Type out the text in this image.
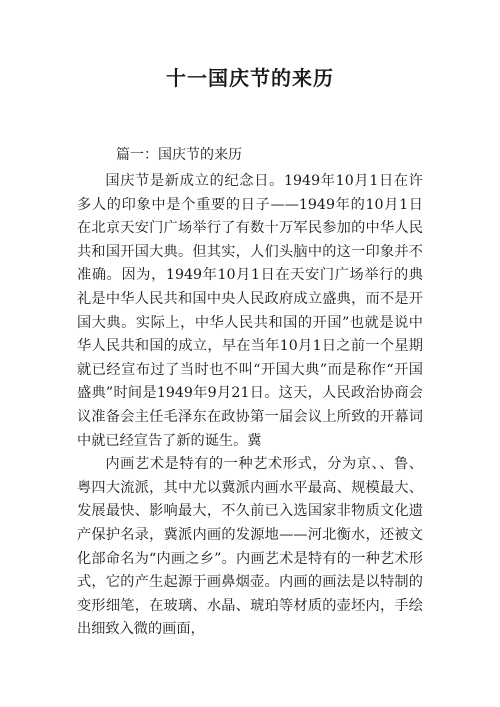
十一国庆节的来历
篇一：国庆节的来历

国庆节是新成立的纪念日。1949年10月1日在许多人的印象中是个重要的日子——1949年的10月1日在北京天安门广场举行了有数十万军民参加的中华人民共和国开国大典。但其实，人们头脑中的这一印象并不准确。因为，1949年10月1日在天安门广场举行的典礼是中华人民共和国中央人民政府成立盛典，而不是开国大典。实际上，中华人民共和国的开国”也就是说中华人民共和国的成立，早在当年10月1日之前一个星期就已经宣布过了当时也不叫“开国大典”而是称作“开国盛典”时间是1949年9月21日。这天，人民政治协商会议准备会主任毛泽东在政协第一届会议上所致的开幕词中就已经宣告了新的诞生。冀

内画艺术是特有的一种艺术形式，分为京、、鲁、粤四大流派，其中尤以冀派内画水平最高、规模最大、发展最快、影响最大，不久前已入选国家非物质文化遗产保护名录，冀派内画的发源地——河北衡水，还被文化部命名为“内画之乡”。内画艺术是特有的一种艺术形式，它的产生起源于画鼻烟壶。内画的画法是以特制的变形细笔，在玻璃、水晶、琥珀等材质的壶坯内，手绘出细致入微的画面，
